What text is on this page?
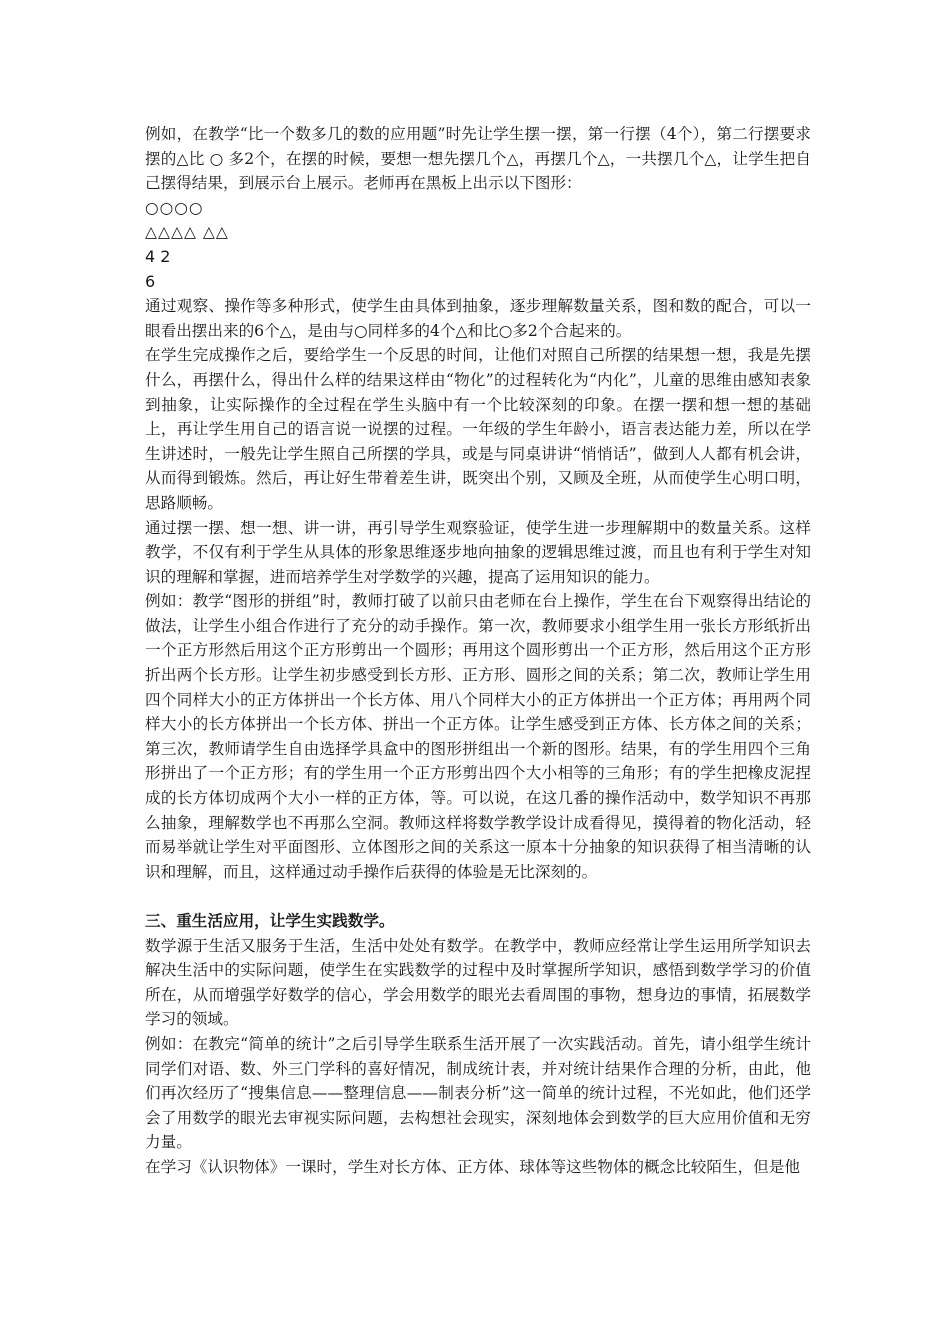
例如，在教学“比一个数多几的数的应用题”时先让学生摆一摆，第一行摆（4个），第二行摆要求摆的△比 ○ 多2个，在摆的时候，要想一想先摆几个△，再摆几个△，一共摆几个△，让学生把自己摆得结果，到展示台上展示。老师再在黑板上出示以下图形：

○○○○

△△△△ △△

4 2

6

通过观察、操作等多种形式，使学生由具体到抽象，逐步理解数量关系，图和数的配合，可以一眼看出摆出来的6个△，是由与○同样多的4个△和比○多2个合起来的。

在学生完成操作之后，要给学生一个反思的时间，让他们对照自己所摆的结果想一想，我是先摆什么，再摆什么，得出什么样的结果这样由“物化”的过程转化为“内化”，儿童的思维由感知表象到抽象，让实际操作的全过程在学生头脑中有一个比较深刻的印象。在摆一摆和想一想的基础上，再让学生用自己的语言说一说摆的过程。一年级的学生年龄小，语言表达能力差，所以在学生讲述时，一般先让学生照自己所摆的学具，或是与同桌讲讲“悄悄话”，做到人人都有机会讲，从而得到锻炼。然后，再让好生带着差生讲，既突出个别，又顾及全班，从而使学生心明口明，思路顺畅。

通过摆一摆、想一想、讲一讲，再引导学生观察验证，使学生进一步理解期中的数量关系。这样教学，不仅有利于学生从具体的形象思维逐步地向抽象的逻辑思维过渡，而且也有利于学生对知识的理解和掌握，进而培养学生对学数学的兴趣，提高了运用知识的能力。

例如：教学“图形的拼组”时，教师打破了以前只由老师在台上操作，学生在台下观察得出结论的做法，让学生小组合作进行了充分的动手操作。第一次，教师要求小组学生用一张长方形纸折出一个正方形然后用这个正方形剪出一个圆形；再用这个圆形剪出一个正方形，然后用这个正方形折出两个长方形。让学生初步感受到长方形、正方形、圆形之间的关系；第二次，教师让学生用四个同样大小的正方体拼出一个长方体、用八个同样大小的正方体拼出一个正方体；再用两个同样大小的长方体拼出一个长方体、拼出一个正方体。让学生感受到正方体、长方体之间的关系；第三次，教师请学生自由选择学具盒中的图形拼组出一个新的图形。结果，有的学生用四个三角形拼出了一个正方形；有的学生用一个正方形剪出四个大小相等的三角形；有的学生把橡皮泥捏成的长方体切成两个大小一样的正方体，等。可以说，在这几番的操作活动中，数学知识不再那么抽象，理解数学也不再那么空洞。教师这样将数学教学设计成看得见，摸得着的物化活动，轻而易举就让学生对平面图形、立体图形之间的关系这一原本十分抽象的知识获得了相当清晰的认识和理解，而且，这样通过动手操作后获得的体验是无比深刻的。

三、重生活应用，让学生实践数学。

数学源于生活又服务于生活，生活中处处有数学。在教学中，教师应经常让学生运用所学知识去解决生活中的实际问题，使学生在实践数学的过程中及时掌握所学知识，感悟到数学学习的价值所在，从而增强学好数学的信心，学会用数学的眼光去看周围的事物，想身边的事情，拓展数学学习的领域。

例如：在教完“简单的统计”之后引导学生联系生活开展了一次实践活动。首先，请小组学生统计同学们对语、数、外三门学科的喜好情况，制成统计表，并对统计结果作合理的分析，由此，他们再次经历了“搜集信息——整理信息——制表分析”这一简单的统计过程，不光如此，他们还学会了用数学的眼光去审视实际问题，去构想社会现实，深刻地体会到数学的巨大应用价值和无穷力量。

在学习《认识物体》一课时，学生对长方体、正方体、球体等这些物体的概念比较陌生，但是他
